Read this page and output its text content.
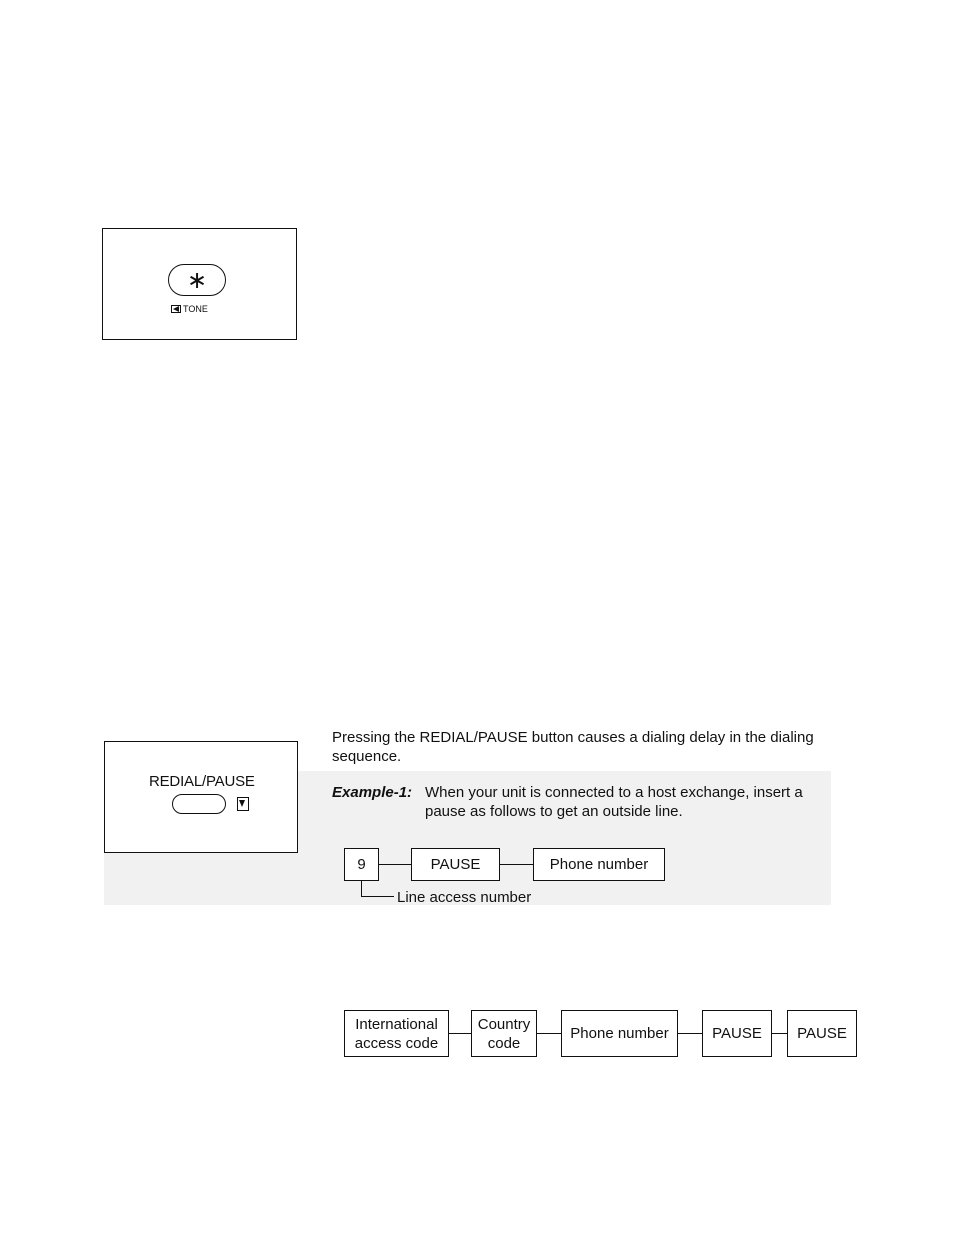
∗
TONE
REDIAL/PAUSE
Pressing the REDIAL/PAUSE button causes a dialing delay in the dialing sequence.
Example-1: When your unit is connected to a host exchange, insert a
pause as follows to get an outside line.
9	PAUSE	Phone number
Line access number
International
access code
Country
code
Phone number	PAUSE	PAUSE
